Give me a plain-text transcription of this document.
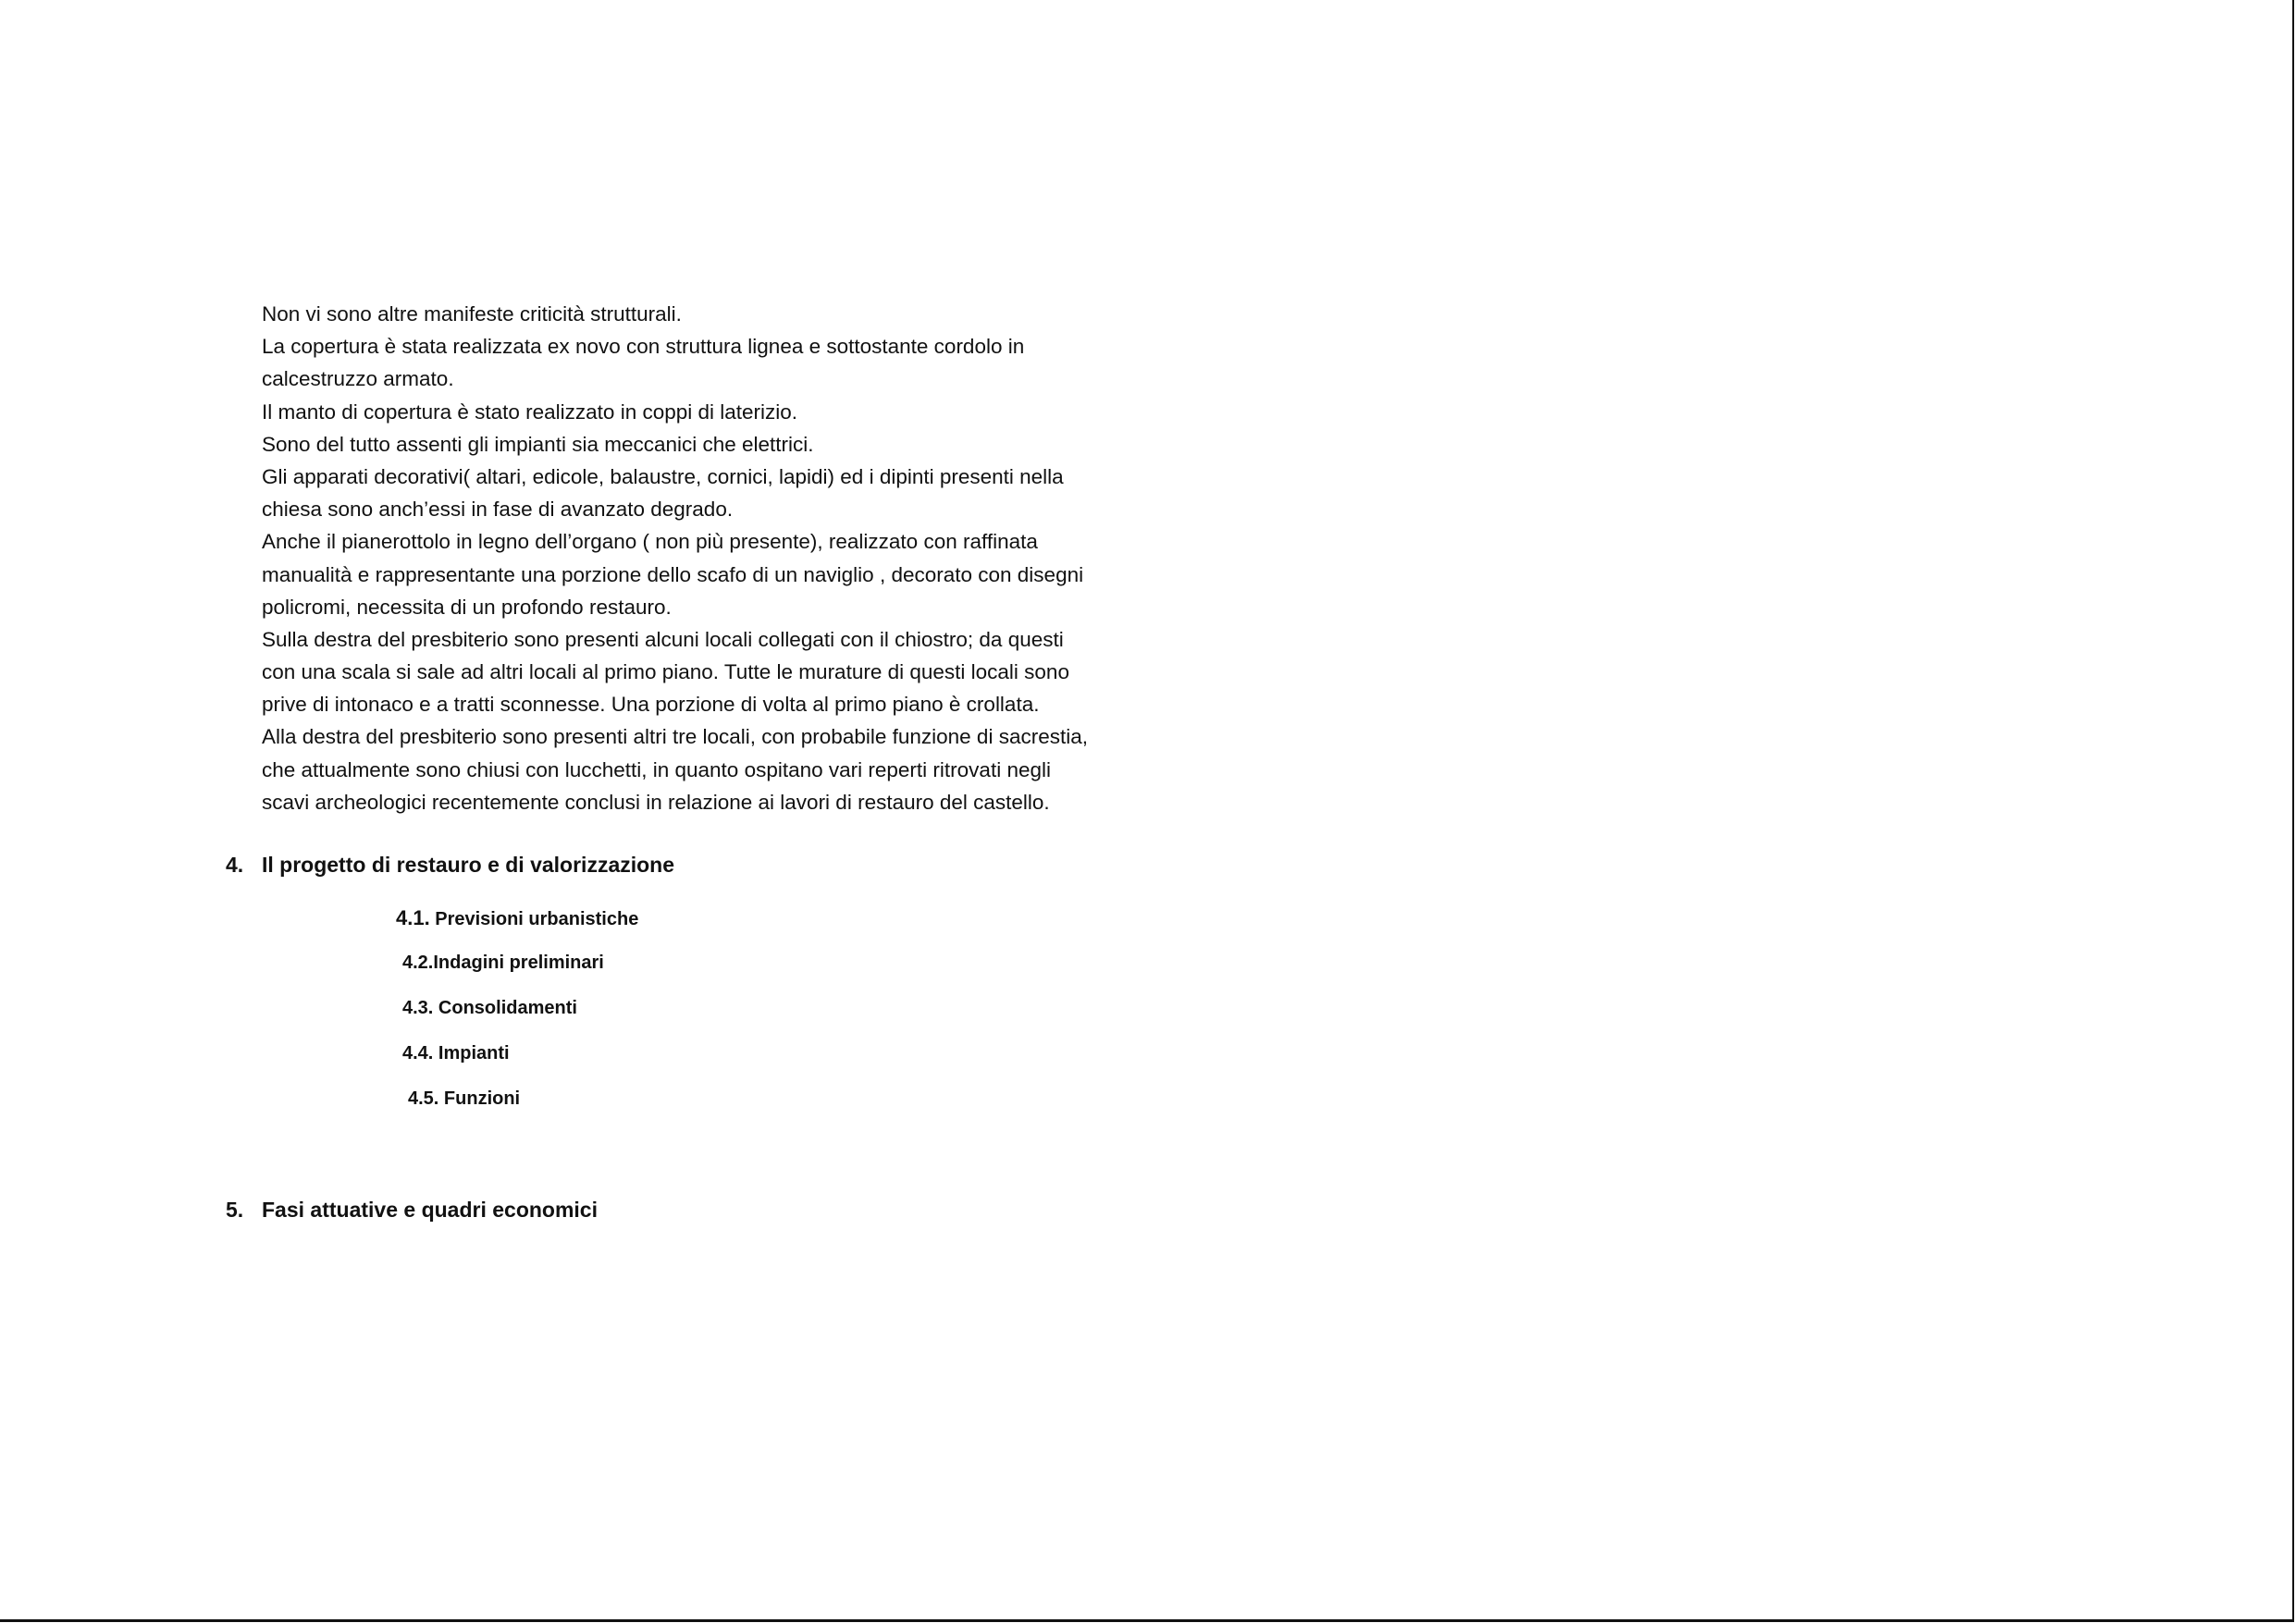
Non vi sono altre manifeste criticità strutturali.
La copertura è stata realizzata ex novo con struttura lignea e sottostante cordolo in
calcestruzzo armato.
Il manto di copertura è stato realizzato in coppi di laterizio.
Sono del tutto assenti gli impianti sia meccanici che elettrici.
Gli apparati decorativi( altari, edicole, balaustre, cornici, lapidi) ed i dipinti presenti nella
chiesa sono anch’essi in fase di avanzato degrado.
Anche il pianerottolo in legno dell’organo ( non più presente), realizzato con raffinata
manualità e rappresentante una porzione dello scafo di un naviglio , decorato con disegni
policromi, necessita di un profondo restauro.
Sulla destra del presbiterio sono presenti alcuni locali collegati con il chiostro; da questi
con una scala si sale ad altri locali al primo piano. Tutte le murature di questi locali sono
prive di intonaco e a tratti sconnesse. Una porzione di volta al primo piano è crollata.
Alla destra del presbiterio sono presenti altri tre locali, con probabile funzione di sacrestia,
che attualmente sono chiusi con lucchetti, in quanto ospitano vari reperti ritrovati negli
scavi archeologici recentemente conclusi in relazione ai lavori di restauro del castello.
4. Il progetto di restauro e di valorizzazione
4.1. Previsioni urbanistiche
4.2.Indagini preliminari
4.3. Consolidamenti
4.4. Impianti
4.5. Funzioni
5. Fasi attuative e quadri economici
